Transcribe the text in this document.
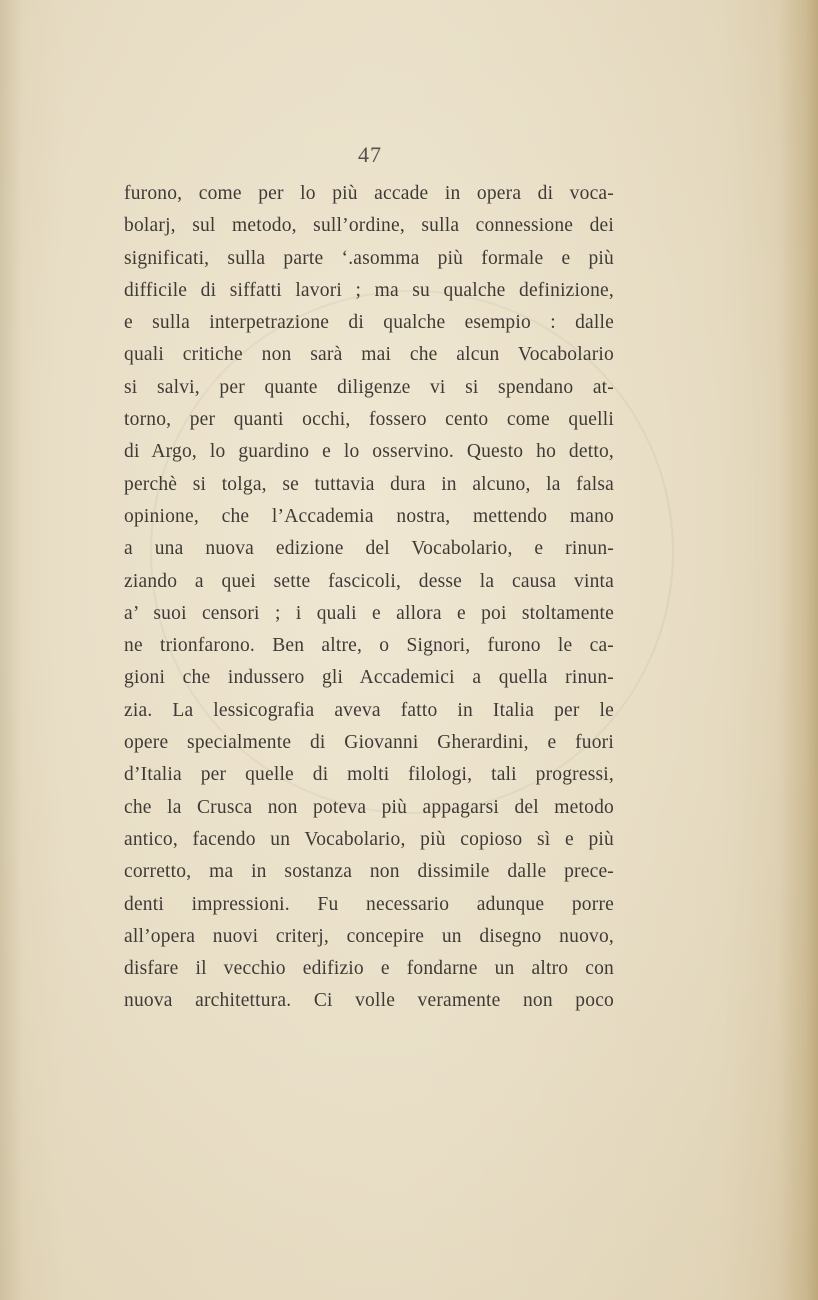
47
furono, come per lo più accade in opera di voca-
bolarj, sul metodo, sull’ordine, sulla connessione dei
significati, sulla parte ‘.asomma più formale e più
difficile di siffatti lavori ; ma su qualche definizione,
e sulla interpetrazione di qualche esempio : dalle
quali critiche non sarà mai che alcun Vocabolario
si salvi, per quante diligenze vi si spendano at-
torno, per quanti occhi, fossero cento come quelli
di Argo, lo guardino e lo osservino. Questo ho detto,
perchè si tolga, se tuttavia dura in alcuno, la falsa
opinione, che l’Accademia nostra, mettendo mano
a una nuova edizione del Vocabolario, e rinun-
ziando a quei sette fascicoli, desse la causa vinta
a’ suoi censori ; i quali e allora e poi stoltamente
ne trionfarono. Ben altre, o Signori, furono le ca-
gioni che indussero gli Accademici a quella rinun-
zia. La lessicografia aveva fatto in Italia per le
opere specialmente di Giovanni Gherardini, e fuori
d’Italia per quelle di molti filologi, tali progressi,
che la Crusca non poteva più appagarsi del metodo
antico, facendo un Vocabolario, più copioso sì e più
corretto, ma in sostanza non dissimile dalle prece-
denti impressioni. Fu necessario adunque porre
all’opera nuovi criterj, concepire un disegno nuovo,
disfare il vecchio edifizio e fondarne un altro con
nuova architettura. Ci volle veramente non poco
